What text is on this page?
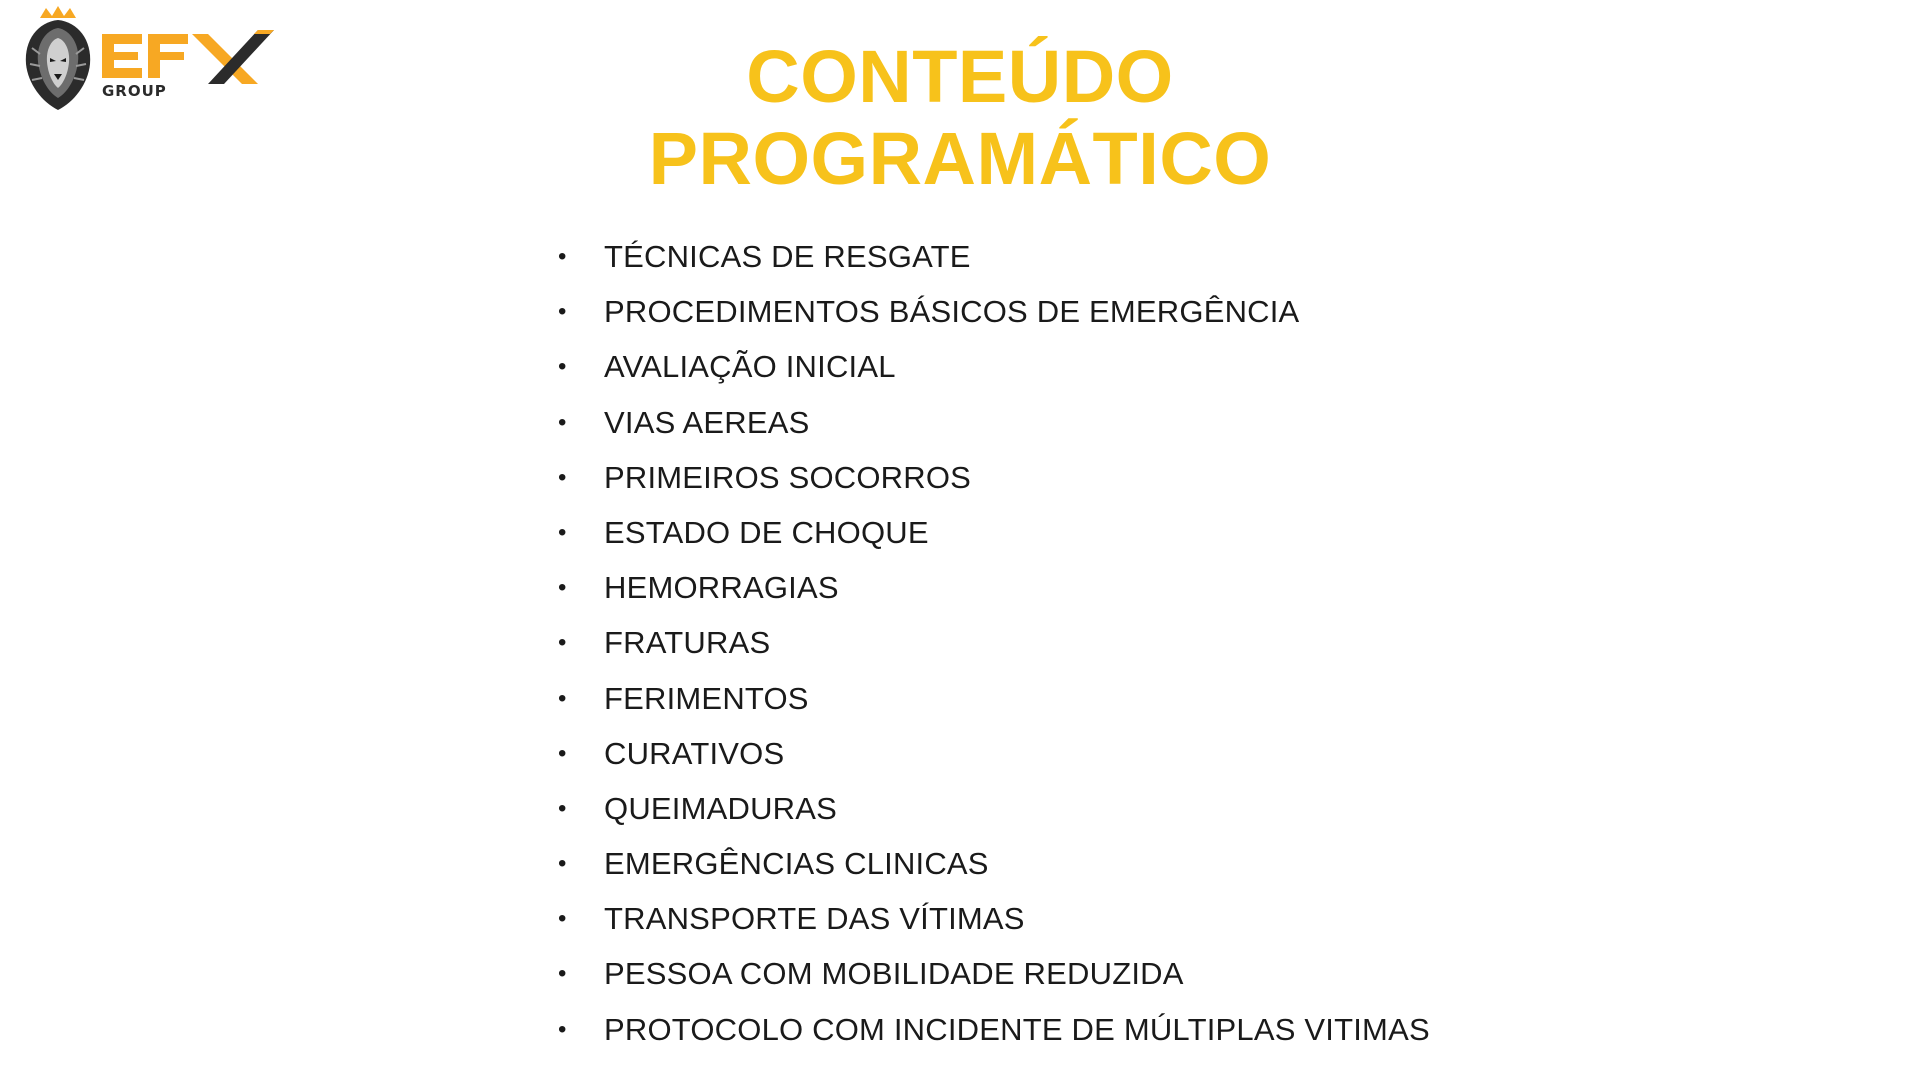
GROUP	CONTEÚDO
PROGRAMÁTICO
• TÉCNICAS DE RESGATE
• PROCEDIMENTOS BÁSICOS DE EMERGÊNCIA
• AVALIAÇÃO INICIAL
• VIAS AEREAS
• PRIMEIROS SOCORROS
• ESTADO DE CHOQUE
• HEMORRAGIAS
• FRATURAS
• FERIMENTOS
• CURATIVOS
• QUEIMADURAS
• EMERGÊNCIAS CLINICAS
• TRANSPORTE DAS VÍTIMAS
• PESSOA COM MOBILIDADE REDUZIDA
• PROTOCOLO COM INCIDENTE DE MÚLTIPLAS VITIMAS
